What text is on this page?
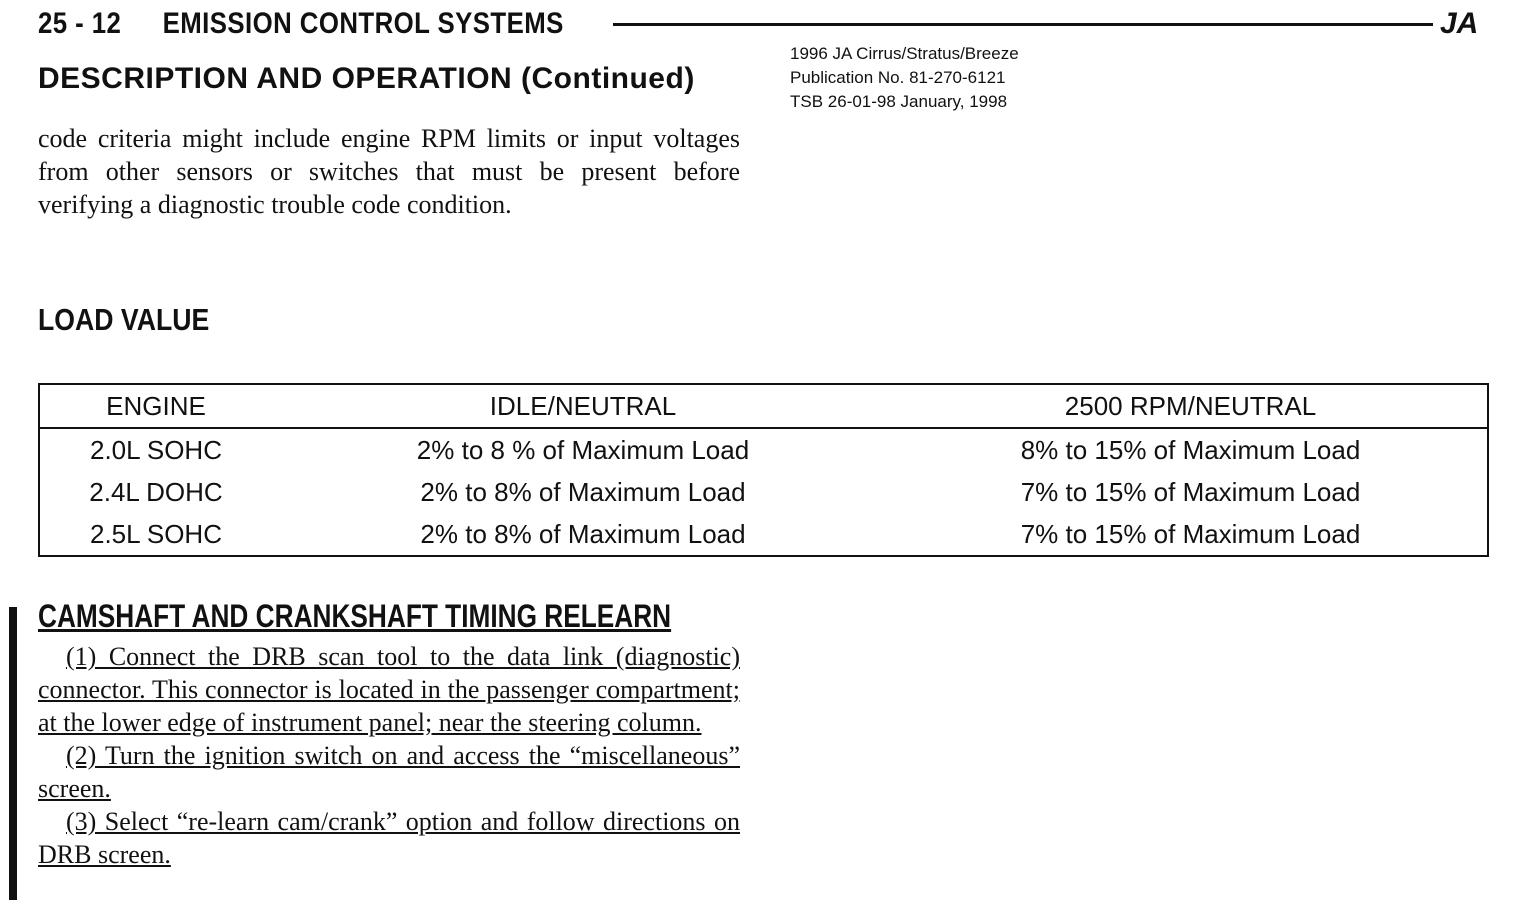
25 - 12 EMISSION CONTROL SYSTEMS	JA
DESCRIPTION AND OPERATION (Continued)
1996 JA Cirrus/Stratus/Breeze
Publication No. 81-270-6121
TSB 26-01-98 January, 1998
code criteria might include engine RPM limits or input voltages from other sensors or switches that must be present before verifying a diagnostic trouble code condition.
LOAD VALUE
ENGINE	IDLE/NEUTRAL	2500 RPM/NEUTRAL
2.0L SOHC	2% to 8 % of Maximum Load	8% to 15% of Maximum Load
2.4L DOHC	2% to 8% of Maximum Load	7% to 15% of Maximum Load
2.5L SOHC	2% to 8% of Maximum Load	7% to 15% of Maximum Load
CAMSHAFT AND CRANKSHAFT TIMING RELEARN

(1) Connect the DRB scan tool to the data link (diagnostic) connector. This connector is located in the passenger compartment; at the lower edge of instrument panel; near the steering column.

(2) Turn the ignition switch on and access the “miscellaneous” screen.

(3) Select “re-learn cam/crank” option and follow directions on DRB screen.
